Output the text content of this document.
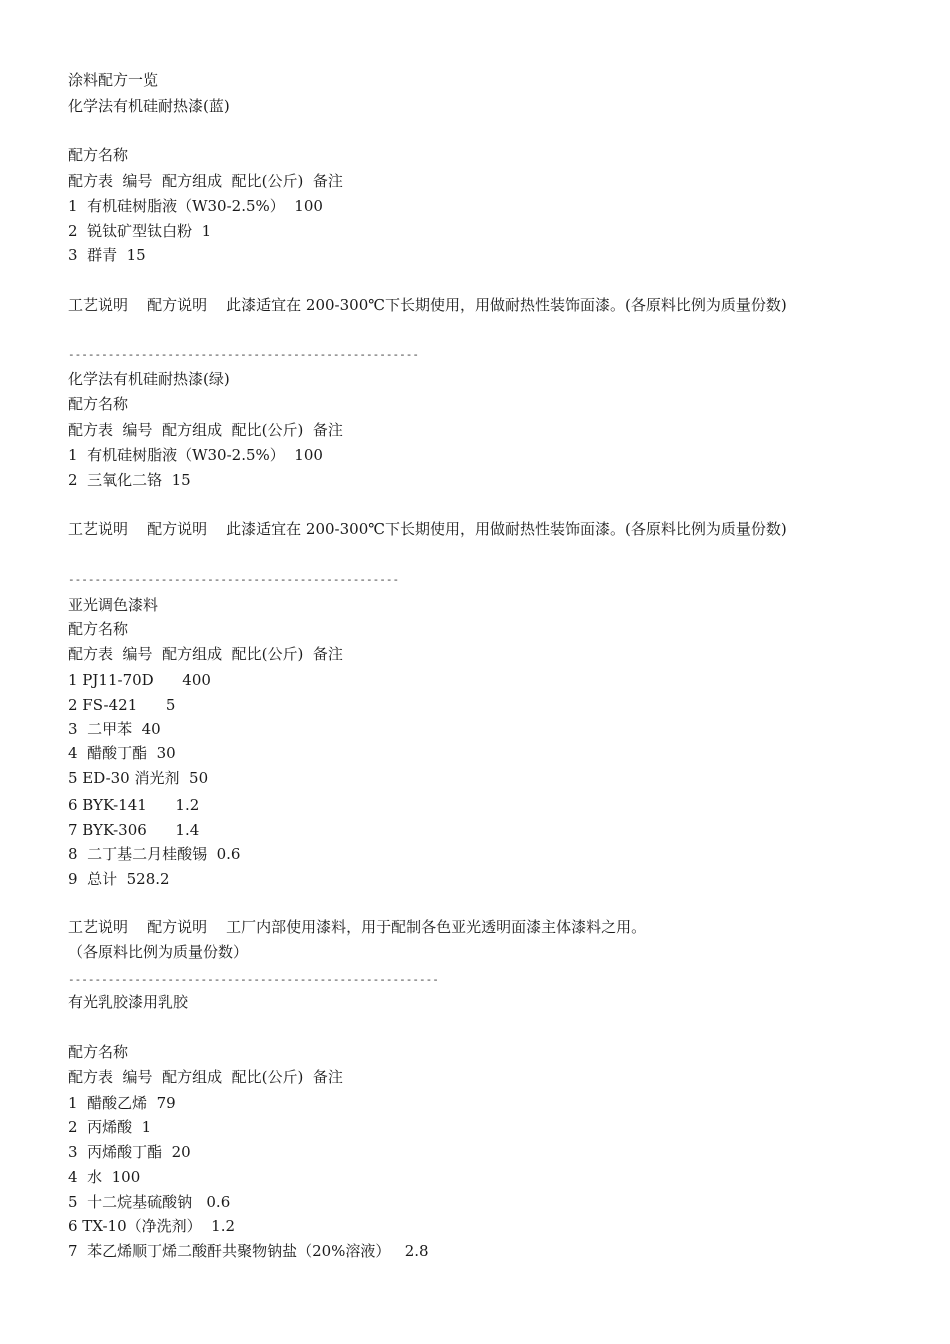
涂料配方一览
化学法有机硅耐热漆(蓝)
配方名称
配方表  编号  配方组成  配比(公斤)  备注
1  有机硅树脂液（W30-2.5%）  100
2  锐钛矿型钛白粉  1
3  群青  15
工艺说明    配方说明    此漆适宜在 200-300℃下长期使用，用做耐热性装饰面漆。(各原料比例为质量份数)
-----------------------------------------------------
化学法有机硅耐热漆(绿)
配方名称
配方表  编号  配方组成  配比(公斤)  备注
1  有机硅树脂液（W30-2.5%）  100
2  三氧化二铬  15
工艺说明    配方说明    此漆适宜在 200-300℃下长期使用，用做耐热性装饰面漆。(各原料比例为质量份数)
--------------------------------------------------
亚光调色漆料
配方名称
配方表  编号  配方组成  配比(公斤)  备注
1 PJ11-70D      400
2 FS-421      5
3  二甲苯  40
4  醋酸丁酯  30
5 ED-30 消光剂  50
6 BYK-141      1.2
7 BYK-306      1.4
8  二丁基二月桂酸锡  0.6
9  总计  528.2
工艺说明    配方说明    工厂内部使用漆料，用于配制各色亚光透明面漆主体漆料之用。
（各原料比例为质量份数）
--------------------------------------------------------
有光乳胶漆用乳胶
配方名称
配方表  编号  配方组成  配比(公斤)  备注
1  醋酸乙烯  79
2  丙烯酸  1
3  丙烯酸丁酯  20
4  水  100
5  十二烷基硫酸钠   0.6
6 TX-10（净洗剂）  1.2
7  苯乙烯顺丁烯二酸酐共聚物钠盐（20%溶液）   2.8
